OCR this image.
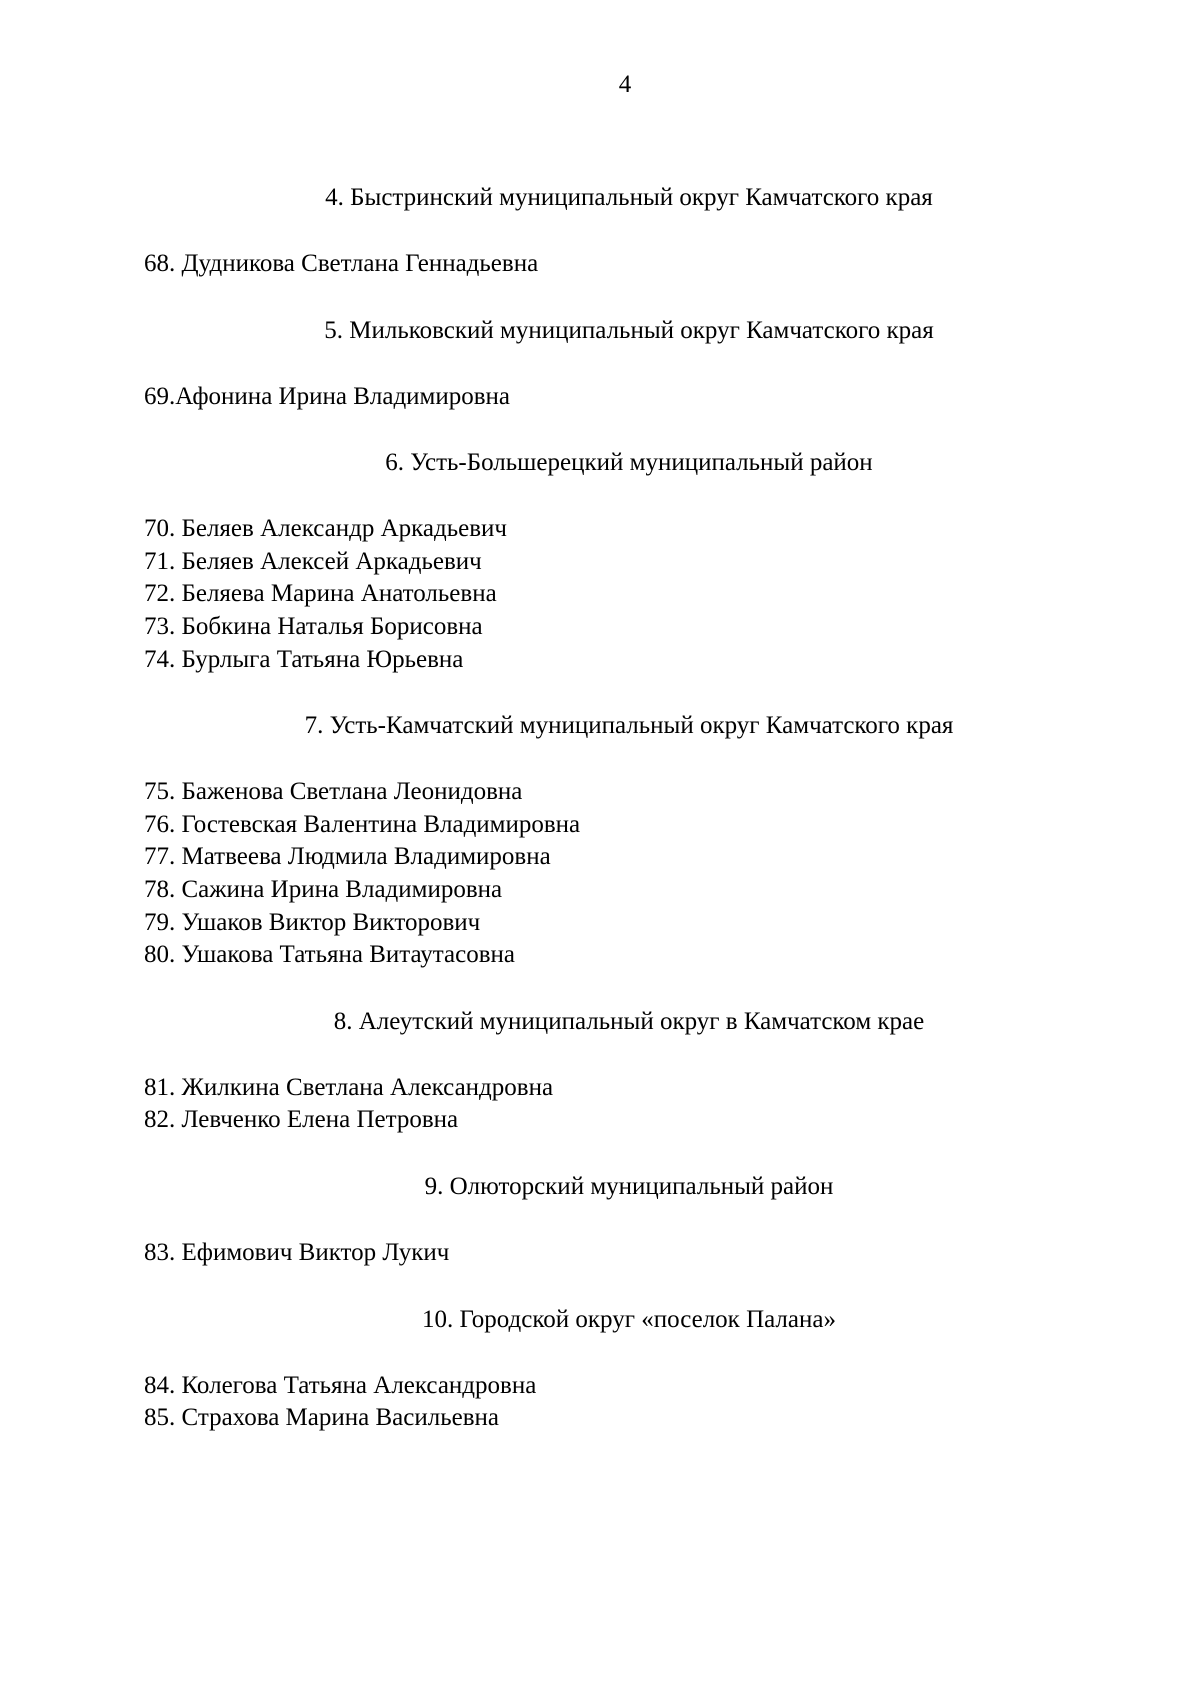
4

4. Быстринский муниципальный округ Камчатского края

68. Дудникова Светлана Геннадьевна

5. Мильковский муниципальный округ Камчатского края

69.Афонина Ирина Владимировна

6. Усть-Большерецкий муниципальный район

70. Беляев Александр Аркадьевич
71. Беляев Алексей Аркадьевич
72. Беляева Марина Анатольевна
73. Бобкина Наталья Борисовна
74. Бурлыга Татьяна Юрьевна

7. Усть-Камчатский муниципальный округ Камчатского края

75. Баженова Светлана Леонидовна
76. Гостевская Валентина Владимировна
77. Матвеева Людмила Владимировна
78. Сажина Ирина Владимировна
79. Ушаков Виктор Викторович
80. Ушакова Татьяна Витаутасовна

8. Алеутский муниципальный округ в Камчатском крае

81. Жилкина Светлана Александровна
82. Левченко Елена Петровна

9. Олюторский муниципальный район

83. Ефимович Виктор Лукич

10. Городской округ «поселок Палана»

84. Колегова Татьяна Александровна
85. Страхова Марина Васильевна
